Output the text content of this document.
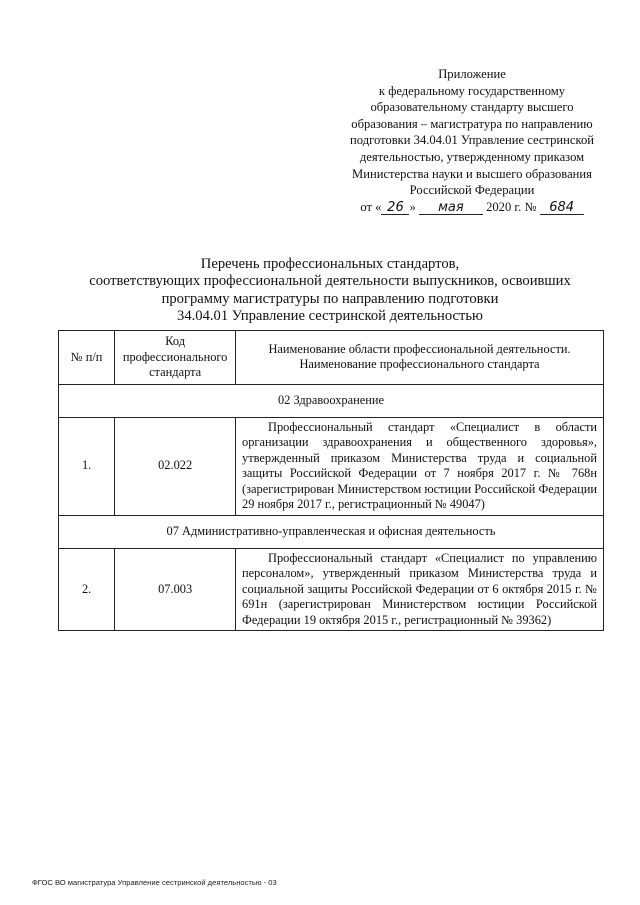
Приложение
к федеральному государственному
образовательному стандарту высшего
образования – магистратура по направлению
подготовки 34.04.01 Управление сестринской
деятельностью, утвержденному приказом
Министерства науки и высшего образования
Российской Федерации
от « 26 » мая 2020 г. № 684
Перечень профессиональных стандартов,
соответствующих профессиональной деятельности выпускников, освоивших
программу магистратуры по направлению подготовки
34.04.01 Управление сестринской деятельностью
№ п/п	Код профессионального стандарта	Наименование области профессиональной деятельности. Наименование профессионального стандарта
02 Здравоохранение		
1.	02.022	Профессиональный стандарт «Специалист в области организации здравоохранения и общественного здоровья», утвержденный приказом Министерства труда и социальной защиты Российской Федерации от 7 ноября 2017 г. № 768н (зарегистрирован Министерством юстиции Российской Федерации 29 ноября 2017 г., регистрационный № 49047)
07 Административно-управленческая и офисная деятельность		
2.	07.003	Профессиональный стандарт «Специалист по управлению персоналом», утвержденный приказом Министерства труда и социальной защиты Российской Федерации от 6 октября 2015 г. № 691н (зарегистрирован Министерством юстиции Российской Федерации 19 октября 2015 г., регистрационный № 39362)
ФГОС ВО магистратура Управление сестринской деятельностью - 03
